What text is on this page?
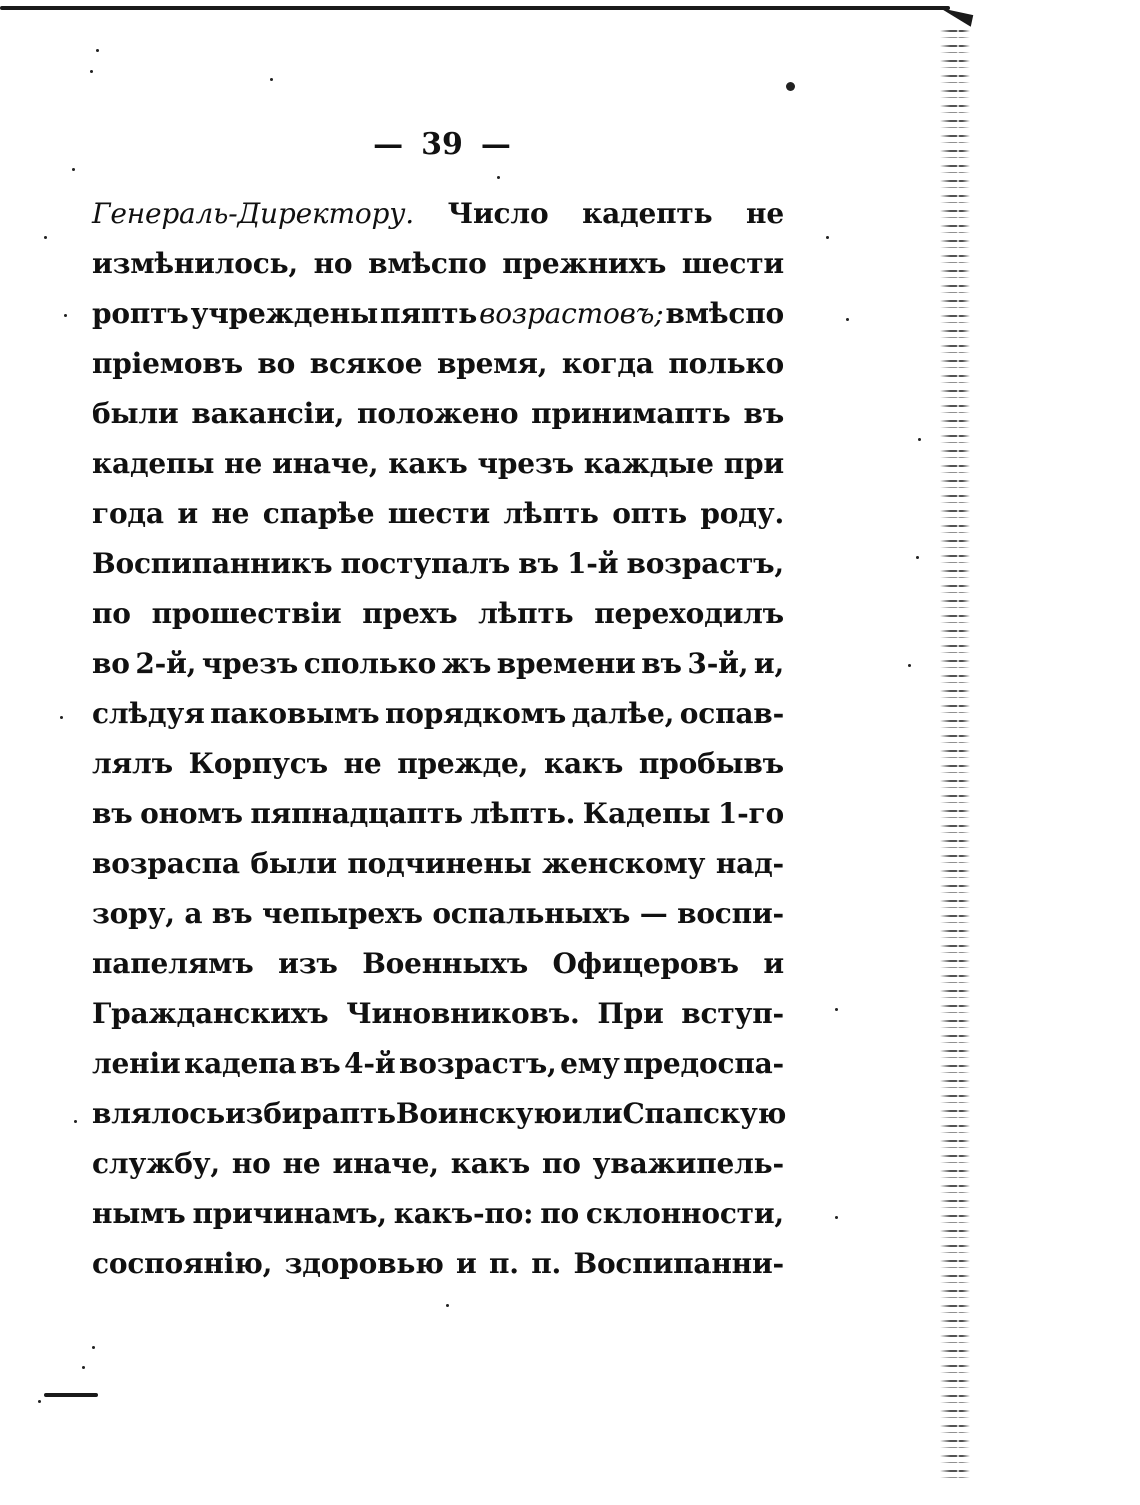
— 39 —
Генераль-Директору. Число кадепть не
измѣнилось, но вмѣспо прежнихъ шести
роптъ учреждены пяпть возрастовъ; вмѣспо
пріемовъ во всякое время, когда полько
были вакансіи, положено принимапть въ
кадепы не иначе, какъ чрезъ каждые при
года и не спарѣе шести лѣпть опть роду.
Воспипанникъ поступалъ въ 1-й возрастъ,
по прошествіи прехъ лѣпть переходилъ
во 2-й, чрезъ сполько жъ времени въ 3-й, и,
слѣдуя паковымъ порядкомъ далѣе, оспав-
лялъ Корпусъ не прежде, какъ пробывъ
въ ономъ пяпнадцапть лѣпть. Кадепы 1-го
возраспа были подчинены женскому над-
зору, а въ чепырехъ оспальныхъ — воспи-
папелямъ изъ Военныхъ Офицеровъ и
Гражданскихъ Чиновниковъ. При вступ-
леніи кадепа въ 4-й возрастъ, ему предоспа-
влялось избирапть Воинскую или Спапскую
службу, но не иначе, какъ по уважипель-
нымъ причинамъ, какъ-по: по склонности,
соспоянію, здоровью и п. п. Воспипанни-
